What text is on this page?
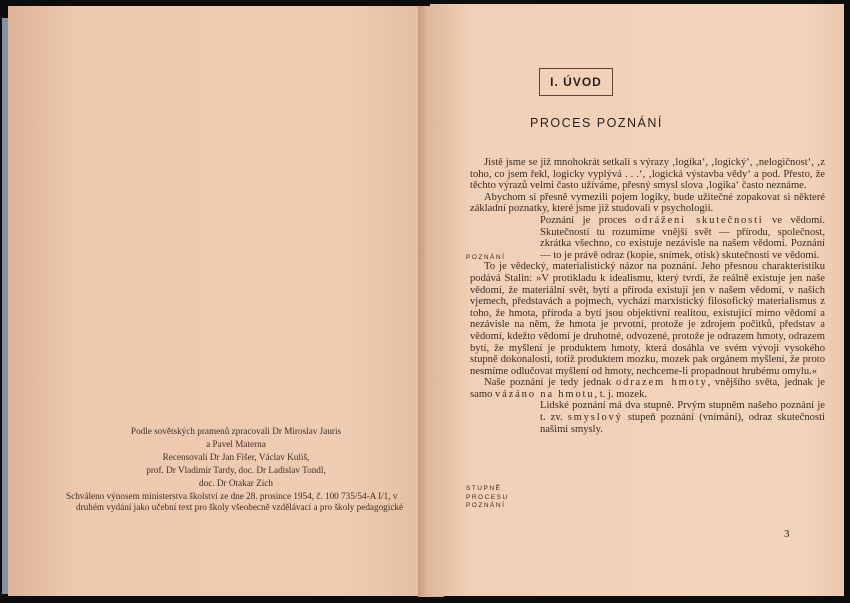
Podle sovětských pramenů zpracovali Dr Miroslav Jauris

a Pavel Materna

Recensovali Dr Jan Fišer, Václav Kuliš,

prof. Dr Vladimír Tardy, doc. Dr Ladislav Tondl,

doc. Dr Otakar Zich

Schváleno výnosem ministerstva školství ze dne 28. prosince 1954, č. 100 735/54-A I/1, v druhém vydání jako učební text pro školy všeobecně vzdělávací a pro školy pedagogické

I. ÚVOD
PROCES POZNÁNÍ
POZNÁNÍ
STUPNĚ
PROCESU
POZNÁNÍ

Jistě jsme se již mnohokrát setkali s výrazy ‚logika‘, ‚logický‘, ‚nelogičnost‘, ‚z toho, co jsem řekl, logicky vyplývá . . .‘, ‚logická výstavba vědy‘ a pod. Přesto, že těchto výrazů velmi často užíváme, přesný smysl slova ‚logika‘ často neznáme.

Abychom si přesně vymezili pojem logiky, bude užitečné zopakovat si některé základní poznatky, které jsme již studovali v psychologii.

Poznání je proces odrážení skutečnosti ve vědomí. Skutečností tu rozumíme vnější svět — přírodu, společnost, zkrátka všechno, co existuje nezávisle na našem vědomí. Poznání — to je právě odraz (kopie, snímek, otisk) skutečnosti ve vědomí.

To je vědecký, materialistický názor na poznání. Jeho přesnou charakteristiku podává Stalin: »V protikladu k idealismu, který tvrdí, že reálně existuje jen naše vědomí, že materiální svět, bytí a příroda existují jen v našem vědomí, v našich vjemech, představách a pojmech, vychází marxistický filosofický materialismus z toho, že hmota, příroda a bytí jsou objektivní realitou, existující mimo vědomí a nezávisle na něm, že hmota je prvotní, protože je zdrojem počitků, představ a vědomí, kdežto vědomí je druhotné, odvozené, protože je odrazem hmoty, odrazem bytí, že myšlení je produktem hmoty, která dosáhla ve svém vývoji vysokého stupně dokonalosti, totiž produktem mozku, mozek pak orgánem myšlení, že proto nesmíme odlučovat myšlení od hmoty, nechceme-li propadnout hrubému omylu.«

Naše poznání je tedy jednak odrazem hmoty, vnějšího světa, jednak je samo vázáno na hmotu, t. j. mozek.

Lidské poznání má dva stupně. Prvým stupněm našeho poznání je t. zv. smyslový stupeň poznání (vnímání), odraz skutečnosti našimi smysly.

3
